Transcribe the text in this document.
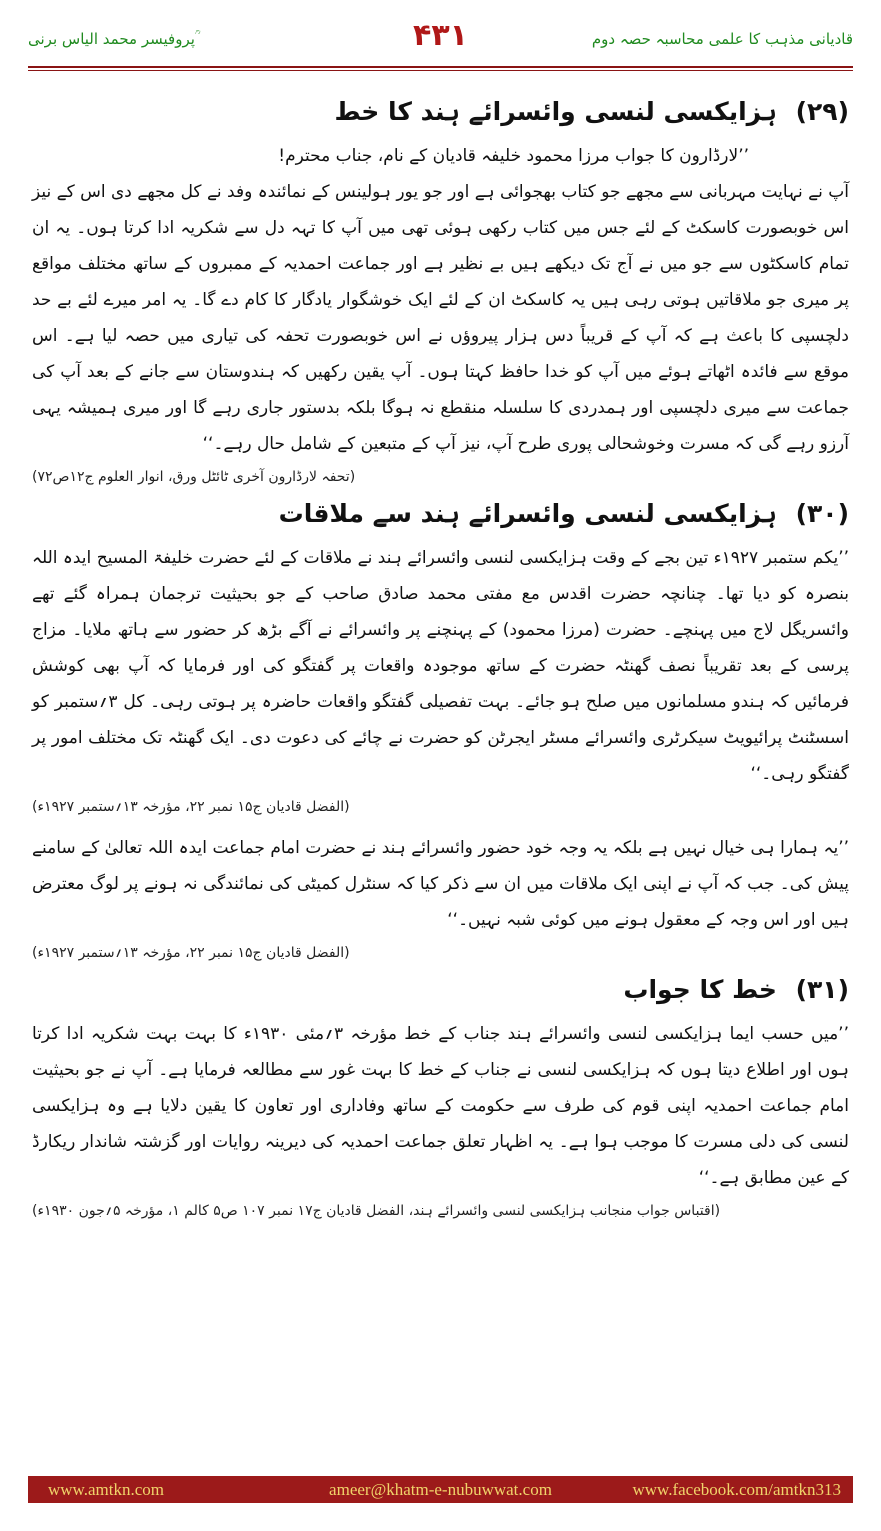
قادیانی مذہب کا علمی محاسبہ حصہ دوم
۴۳۱
پروفیسر محمد الیاس برنی ؒ
(۲۹) ہزایکسی لنسی وائسرائے ہند کا خط

’’لارڈارون کا جواب مرزا محمود خلیفہ قادیان کے نام، جناب محترم!

آپ نے نہایت مہربانی سے مجھے جو کتاب بھجوائی ہے اور جو یور ہولینس کے نمائندہ وفد نے کل مجھے دی اس کے نیز اس خوبصورت کاسکٹ کے لئے جس میں کتاب رکھی ہوئی تھی میں آپ کا تہہ دل سے شکریہ ادا کرتا ہوں۔ یہ ان تمام کاسکٹوں سے جو میں نے آج تک دیکھے ہیں بے نظیر ہے اور جماعت احمدیہ کے ممبروں کے ساتھ مختلف مواقع پر میری جو ملاقاتیں ہوتی رہی ہیں یہ کاسکٹ ان کے لئے ایک خوشگوار یادگار کا کام دے گا۔ یہ امر میرے لئے بے حد دلچسپی کا باعث ہے کہ آپ کے قریباً دس ہزار پیروؤں نے اس خوبصورت تحفہ کی تیاری میں حصہ لیا ہے۔ اس موقع سے فائدہ اٹھاتے ہوئے میں آپ کو خدا حافظ کہتا ہوں۔ آپ یقین رکھیں کہ ہندوستان سے جانے کے بعد آپ کی جماعت سے میری دلچسپی اور ہمدردی کا سلسلہ منقطع نہ ہوگا بلکہ بدستور جاری رہے گا اور میری ہمیشہ یہی آرزو رہے گی کہ مسرت وخوشحالی پوری طرح آپ، نیز آپ کے متبعین کے شامل حال رہے۔‘‘

(تحفہ لارڈارون آخری ٹائٹل ورق، انوار العلوم ج۱۲ص۷۲)
(۳۰) ہزایکسی لنسی وائسرائے ہند سے ملاقات

’’یکم ستمبر ۱۹۲۷ء تین بجے کے وقت ہزایکسی لنسی وائسرائے ہند نے ملاقات کے لئے حضرت خلیفۃ المسیح ایدہ اللہ بنصرہ کو دیا تھا۔ چنانچہ حضرت اقدس مع مفتی محمد صادق صاحب کے جو بحیثیت ترجمان ہمراہ گئے تھے وائسریگل لاج میں پہنچے۔ حضرت (مرزا محمود) کے پہنچنے پر وائسرائے نے آگے بڑھ کر حضور سے ہاتھ ملایا۔ مزاج پرسی کے بعد تقریباً نصف گھنٹہ حضرت کے ساتھ موجودہ واقعات پر گفتگو کی اور فرمایا کہ آپ بھی کوشش فرمائیں کہ ہندو مسلمانوں میں صلح ہو جائے۔ بہت تفصیلی گفتگو واقعات حاضرہ پر ہوتی رہی۔ کل ۳؍ستمبر کو اسسٹنٹ پرائیویٹ سیکرٹری وائسرائے مسٹر ایجرٹن کو حضرت نے چائے کی دعوت دی۔ ایک گھنٹہ تک مختلف امور پر گفتگو رہی۔‘‘

(الفضل قادیان ج۱۵ نمبر ۲۲، مؤرخہ ۱۳؍ستمبر ۱۹۲۷ء)

’’یہ ہمارا ہی خیال نہیں ہے بلکہ یہ وجہ خود حضور وائسرائے ہند نے حضرت امام جماعت ایدہ اللہ تعالیٰ کے سامنے پیش کی۔ جب کہ آپ نے اپنی ایک ملاقات میں ان سے ذکر کیا کہ سنٹرل کمیٹی کی نمائندگی نہ ہونے پر لوگ معترض ہیں اور اس وجہ کے معقول ہونے میں کوئی شبہ نہیں۔‘‘

(الفضل قادیان ج۱۵ نمبر ۲۲، مؤرخہ ۱۳؍ستمبر ۱۹۲۷ء)
(۳۱) خط کا جواب

’’میں حسب ایما ہزایکسی لنسی وائسرائے ہند جناب کے خط مؤرخہ ۳؍مئی ۱۹۳۰ء کا بہت بہت شکریہ ادا کرتا ہوں اور اطلاع دیتا ہوں کہ ہزایکسی لنسی نے جناب کے خط کا بہت غور سے مطالعہ فرمایا ہے۔ آپ نے جو بحیثیت امام جماعت احمدیہ اپنی قوم کی طرف سے حکومت کے ساتھ وفاداری اور تعاون کا یقین دلایا ہے وہ ہزایکسی لنسی کی دلی مسرت کا موجب ہوا ہے۔ یہ اظہار تعلق جماعت احمدیہ کی دیرینہ روایات اور گزشتہ شاندار ریکارڈ کے عین مطابق ہے۔‘‘

(اقتباس جواب منجانب ہزایکسی لنسی وائسرائے ہند، الفضل قادیان ج۱۷ نمبر ۱۰۷ ص۵ کالم ۱، مؤرخہ ۵؍جون ۱۹۳۰ء)
www.amtkn.com	ameer@khatm-e-nubuwwat.com	www.facebook.com/amtkn313
